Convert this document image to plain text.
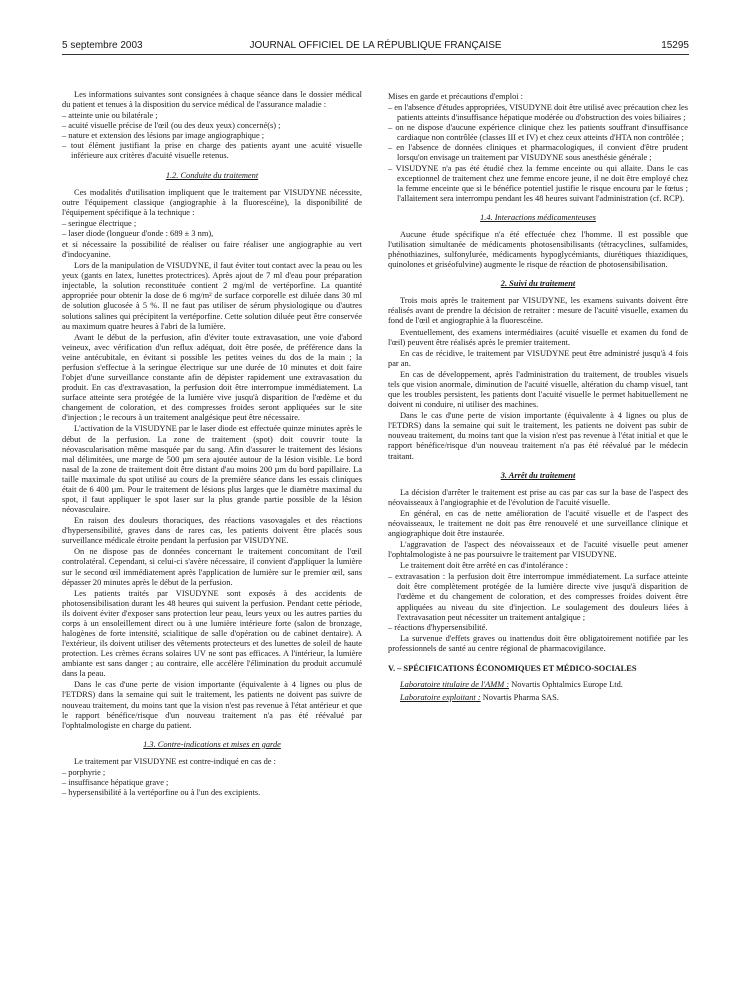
5 septembre 2003	JOURNAL OFFICIEL DE LA RÉPUBLIQUE FRANÇAISE	15295

Les informations suivantes sont consignées à chaque séance dans le dossier médical du patient et tenues à la disposition du service médical de l'assurance maladie :

– atteinte unie ou bilatérale ;
– acuité visuelle précise de l'œil (ou des deux yeux) concerné(s) ;
– nature et extension des lésions par image angiographique ;
– tout élément justifiant la prise en charge des patients ayant une acuité visuelle inférieure aux critères d'acuité visuelle retenus.
1.2. Conduite du traitement

Ces modalités d'utilisation impliquent que le traitement par VISUDYNE nécessite, outre l'équipement classique (angiographie à la fluorescéine), la disponibilité de l'équipement spécifique à la technique :

– seringue électrique ;
– laser diode (longueur d'onde : 689 ± 3 nm),

et si nécessaire la possibilité de réaliser ou faire réaliser une angiographie au vert d'indocyanine.

Lors de la manipulation de VISUDYNE, il faut éviter tout contact avec la peau ou les yeux (gants en latex, lunettes protectrices). Après ajout de 7 ml d'eau pour préparation injectable, la solution reconstituée contient 2 mg/ml de vertéporfine. La quantité appropriée pour obtenir la dose de 6 mg/m² de surface corporelle est diluée dans 30 ml de solution glucosée à 5 %. Il ne faut pas utiliser de sérum physiologique ou d'autres solutions salines qui précipitent la vertéporfine. Cette solution diluée peut être conservée au maximum quatre heures à l'abri de la lumière.

Avant le début de la perfusion, afin d'éviter toute extravasation, une voie d'abord veineux, avec vérification d'un reflux adéquat, doit être posée, de préférence dans la veine antécubitale, en évitant si possible les petites veines du dos de la main ; la perfusion s'effectue à la seringue électrique sur une durée de 10 minutes et doit faire l'objet d'une surveillance constante afin de dépister rapidement une extravasation du produit. En cas d'extravasation, la perfusion doit être interrompue immédiatement. La surface atteinte sera protégée de la lumière vive jusqu'à disparition de l'œdème et du changement de coloration, et des compresses froides seront appliquées sur le site d'injection ; le recours à un traitement analgésique peut être nécessaire.

L'activation de la VISUDYNE par le laser diode est effectuée quinze minutes après le début de la perfusion. La zone de traitement (spot) doit couvrir toute la néovascularisation même masquée par du sang. Afin d'assurer le traitement des lésions mal délimitées, une marge de 500 µm sera ajoutée autour de la lésion visible. Le bord nasal de la zone de traitement doit être distant d'au moins 200 µm du bord papillaire. La taille maximale du spot utilisé au cours de la première séance dans les essais cliniques était de 6 400 µm. Pour le traitement de lésions plus larges que le diamètre maximal du spot, il faut appliquer le spot laser sur la plus grande partie possible de la lésion néovasculaire.

En raison des douleurs thoraciques, des réactions vasovagales et des réactions d'hypersensibilité, graves dans de rares cas, les patients doivent être placés sous surveillance médicale étroite pendant la perfusion par VISUDYNE.

On ne dispose pas de données concernant le traitement concomitant de l'œil controlatéral. Cependant, si celui-ci s'avère nécessaire, il convient d'appliquer la lumière sur le second œil immédiatement après l'application de lumière sur le premier œil, sans dépasser 20 minutes après le début de la perfusion.

Les patients traités par VISUDYNE sont exposés à des accidents de photosensibilisation durant les 48 heures qui suivent la perfusion. Pendant cette période, ils doivent éviter d'exposer sans protection leur peau, leurs yeux ou les autres parties du corps à un ensoleillement direct ou à une lumière intérieure forte (salon de bronzage, halogènes de forte intensité, scialitique de salle d'opération ou de cabinet dentaire). A l'extérieur, ils doivent utiliser des vêtements protecteurs et des lunettes de soleil de haute protection. Les crèmes écrans solaires UV ne sont pas efficaces. A l'intérieur, la lumière ambiante est sans danger ; au contraire, elle accélère l'élimination du produit accumulé dans la peau.

Dans le cas d'une perte de vision importante (équivalente à 4 lignes ou plus de l'ETDRS) dans la semaine qui suit le traitement, les patients ne doivent pas suivre de nouveau traitement, du moins tant que la vision n'est pas revenue à l'état antérieur et que le rapport bénéfice/risque d'un nouveau traitement n'a pas été réévalué par l'ophtalmologiste en charge du patient.

1.3. Contre-indications et mises en garde

Le traitement par VISUDYNE est contre-indiqué en cas de :

– porphyrie ;
– insuffisance hépatique grave ;
– hypersensibilité à la vertéporfine ou à l'un des excipients.

Mises en garde et précautions d'emploi :

– en l'absence d'études appropriées, VISUDYNE doit être utilisé avec précaution chez les patients atteints d'insuffisance hépatique modérée ou d'obstruction des voies biliaires ;
– on ne dispose d'aucune expérience clinique chez les patients souffrant d'insuffisance cardiaque non contrôlée (classes III et IV) et chez ceux atteints d'HTA non contrôlée ;
– en l'absence de données cliniques et pharmacologiques, il convient d'être prudent lorsqu'on envisage un traitement par VISUDYNE sous anesthésie générale ;
– VISUDYNE n'a pas été étudié chez la femme enceinte ou qui allaite. Dans le cas exceptionnel de traitement chez une femme encore jeune, il ne doit être employé chez la femme enceinte que si le bénéfice potentiel justifie le risque encouru par le fœtus ; l'allaitement sera interrompu pendant les 48 heures suivant l'administration (cf. RCP).
1.4. Interactions médicamenteuses

Aucune étude spécifique n'a été effectuée chez l'homme. Il est possible que l'utilisation simultanée de médicaments photosensibilisants (tétracyclines, sulfamides, phénothiazines, sulfonylurée, médicaments hypoglycémiants, diurétiques thiazidiques, quinolones et griséofulvine) augmente le risque de réaction de photosensibilisation.

2. Suivi du traitement

Trois mois après le traitement par VISUDYNE, les examens suivants doivent être réalisés avant de prendre la décision de retraiter : mesure de l'acuité visuelle, examen du fond de l'œil et angiographie à la fluorescéine.

Eventuellement, des examens intermédiaires (acuité visuelle et examen du fond de l'œil) peuvent être réalisés après le premier traitement.

En cas de récidive, le traitement par VISUDYNE peut être administré jusqu'à 4 fois par an.

En cas de développement, après l'administration du traitement, de troubles visuels tels que vision anormale, diminution de l'acuité visuelle, altération du champ visuel, tant que les troubles persistent, les patients dont l'acuité visuelle le permet habituellement ne doivent ni conduire, ni utiliser des machines.

Dans le cas d'une perte de vision importante (équivalente à 4 lignes ou plus de l'ETDRS) dans la semaine qui suit le traitement, les patients ne doivent pas subir de nouveau traitement, du moins tant que la vision n'est pas revenue à l'état initial et que le rapport bénéfice/risque d'un nouveau traitement n'a pas été réévalué par le médecin traitant.

3. Arrêt du traitement

La décision d'arrêter le traitement est prise au cas par cas sur la base de l'aspect des néovaisseaux à l'angiographie et de l'évolution de l'acuité visuelle.

En général, en cas de nette amélioration de l'acuité visuelle et de l'aspect des néovaisseaux, le traitement ne doit pas être renouvelé et une surveillance clinique et angiographique doit être instaurée.

L'aggravation de l'aspect des néovaisseaux et de l'acuité visuelle peut amener l'ophtalmologiste à ne pas poursuivre le traitement par VISUDYNE.

Le traitement doit être arrêté en cas d'intolérance :

– extravasation : la perfusion doit être interrompue immédiatement. La surface atteinte doit être complètement protégée de la lumière directe vive jusqu'à disparition de l'œdème et du changement de coloration, et des compresses froides doivent être appliquées au niveau du site d'injection. Le soulagement des douleurs liées à l'extravasation peut nécessiter un traitement antalgique ;
– réactions d'hypersensibilité.

La survenue d'effets graves ou inattendus doit être obligatoirement notifiée par les professionnels de santé au centre régional de pharmacovigilance.

V. – SPÉCIFICATIONS ÉCONOMIQUES ET MÉDICO-SOCIALES

Laboratoire titulaire de l'AMM : Novartis Ophtalmics Europe Ltd.

Laboratoire exploitant : Novartis Pharma SAS.
